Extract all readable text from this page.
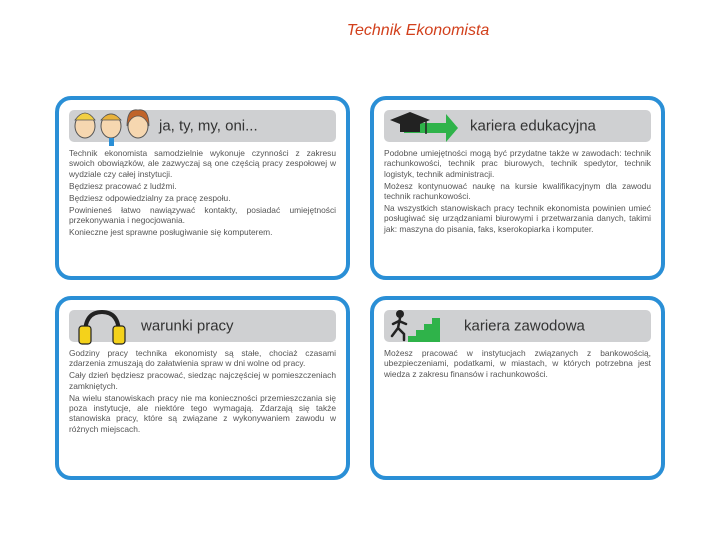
Technik Ekonomista
ja, ty, my, oni...

Technik ekonomista samodzielnie wykonuje czynności z zakresu swoich obowiązków, ale zazwyczaj są one częścią pracy zespołowej w wydziale czy całej instytucji.

Będziesz pracować z ludźmi.

Będziesz odpowiedzialny za pracę zespołu.

Powinieneś łatwo nawiązywać kontakty, posiadać umiejętności przekonywania i negocjowania.

Konieczne jest sprawne posługiwanie się komputerem.

kariera edukacyjna

Podobne umiejętności mogą być przydatne także w zawodach: technik rachunkowości, technik prac biurowych, technik spedytor, technik logistyk, technik administracji.

Możesz kontynuować naukę na kursie kwalifikacyjnym dla zawodu technik rachunkowości.

Na wszystkich stanowiskach pracy technik ekonomista powinien umieć posługiwać się urządzaniami biurowymi i przetwarzania danych, takimi jak: maszyna do pisania, faks, kserokopiarka i komputer.

warunki pracy

Godziny pracy technika ekonomisty są stałe, chociaż czasami zdarzenia zmuszają do załatwienia spraw w dni wolne od pracy.

Cały dzień będziesz pracować, siedząc najczęściej w pomieszczeniach zamkniętych.

Na wielu stanowiskach pracy nie ma konieczności przemieszczania się poza instytucje, ale niektóre tego wymagają. Zdarzają się także stanowiska pracy, które są związane z wykonywaniem zawodu w różnych miejscach.

kariera zawodowa

Możesz pracować w instytucjach związanych z bankowością, ubezpieczeniami, podatkami, w miastach, w których potrzebna jest wiedza z zakresu finansów i rachunkowości.
